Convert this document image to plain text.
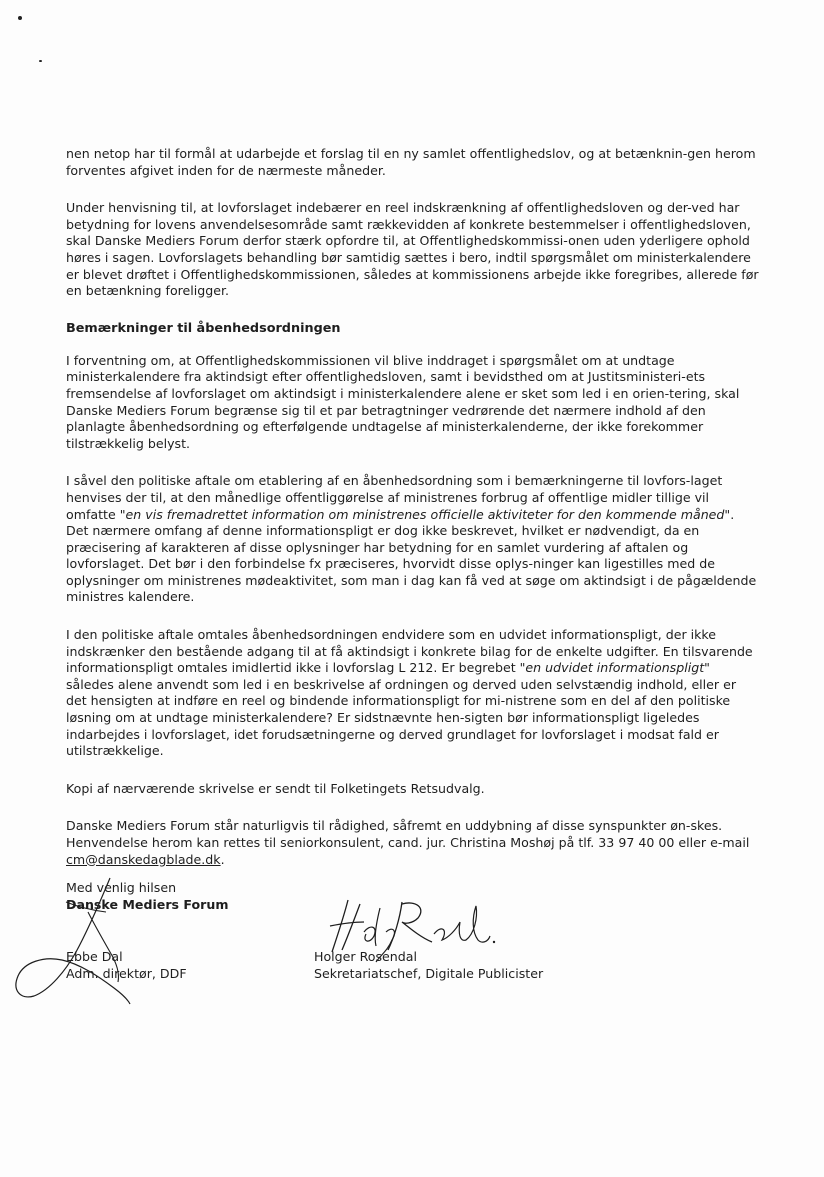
nen netop har til formål at udarbejde et forslag til en ny samlet offentlighedslov, og at betænknin-gen herom forventes afgivet inden for de nærmeste måneder.

Under henvisning til, at lovforslaget indebærer en reel indskrænkning af offentlighedsloven og der-ved har betydning for lovens anvendelsesområde samt rækkevidden af konkrete bestemmelser i offentlighedsloven, skal Danske Mediers Forum derfor stærk opfordre til, at Offentlighedskommissi-onen uden yderligere ophold høres i sagen. Lovforslagets behandling bør samtidig sættes i bero, indtil spørgsmålet om ministerkalendere er blevet drøftet i Offentlighedskommissionen, således at kommissionens arbejde ikke foregribes, allerede før en betænkning foreligger.

Bemærkninger til åbenhedsordningen

I forventning om, at Offentlighedskommissionen vil blive inddraget i spørgsmålet om at undtage ministerkalendere fra aktindsigt efter offentlighedsloven, samt i bevidsthed om at Justitsministeri-ets fremsendelse af lovforslaget om aktindsigt i ministerkalendere alene er sket som led i en orien-tering, skal Danske Mediers Forum begrænse sig til et par betragtninger vedrørende det nærmere indhold af den planlagte åbenhedsordning og efterfølgende undtagelse af ministerkalenderne, der ikke forekommer tilstrækkelig belyst.

I såvel den politiske aftale om etablering af en åbenhedsordning som i bemærkningerne til lovfors-laget henvises der til, at den månedlige offentliggørelse af ministrenes forbrug af offentlige midler tillige vil omfatte "en vis fremadrettet information om ministrenes officielle aktiviteter for den kommende måned". Det nærmere omfang af denne informationspligt er dog ikke beskrevet, hvilket er nødvendigt, da en præcisering af karakteren af disse oplysninger har betydning for en samlet vurdering af aftalen og lovforslaget. Det bør i den forbindelse fx præciseres, hvorvidt disse oplys-ninger kan ligestilles med de oplysninger om ministrenes mødeaktivitet, som man i dag kan få ved at søge om aktindsigt i de pågældende ministres kalendere.

I den politiske aftale omtales åbenhedsordningen endvidere som en udvidet informationspligt, der ikke indskrænker den bestående adgang til at få aktindsigt i konkrete bilag for de enkelte udgifter. En tilsvarende informationspligt omtales imidlertid ikke i lovforslag L 212. Er begrebet "en udvidet informationspligt" således alene anvendt som led i en beskrivelse af ordningen og derved uden selvstændig indhold, eller er det hensigten at indføre en reel og bindende informationspligt for mi-nistrene som en del af den politiske løsning om at undtage ministerkalendere? Er sidstnævnte hen-sigten bør informationspligt ligeledes indarbejdes i lovforslaget, idet forudsætningerne og derved grundlaget for lovforslaget i modsat fald er utilstrækkelige.

Kopi af nærværende skrivelse er sendt til Folketingets Retsudvalg.

Danske Mediers Forum står naturligvis til rådighed, såfremt en uddybning af disse synspunkter øn-skes. Henvendelse herom kan rettes til seniorkonsulent, cand. jur. Christina Moshøj på tlf. 33 97 40 00 eller e-mail cm@danskedagblade.dk.

Med venlig hilsen
Danske Mediers Forum
Ebbe Dal
Adm. direktør, DDF
Holger Rosendal
Sekretariatschef, Digitale Publicister
